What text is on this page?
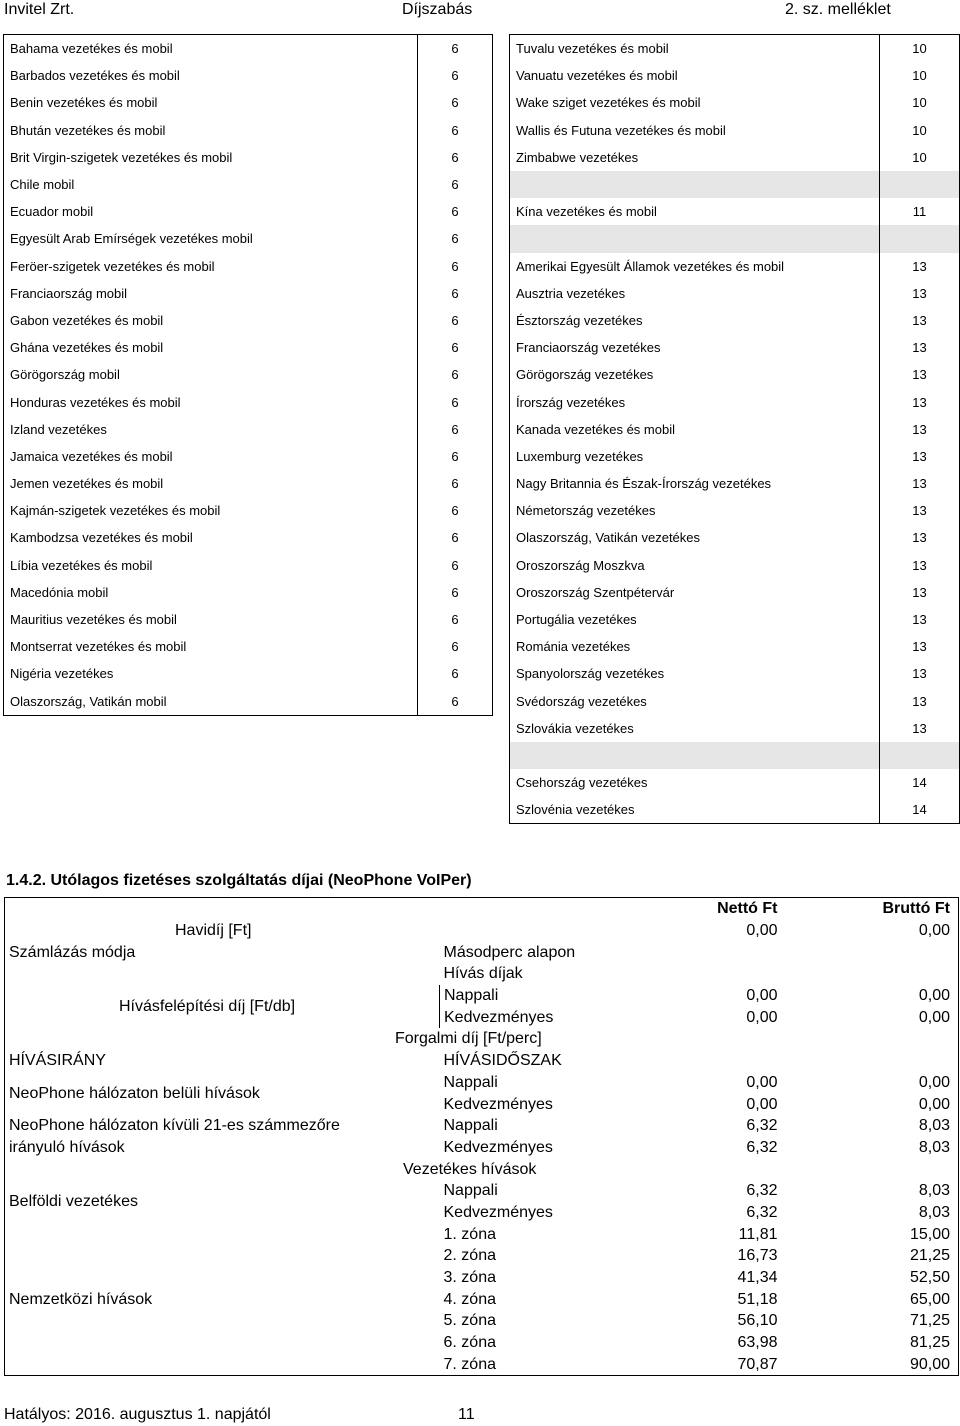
Invitel Zrt.	Díjszabás	2. sz. melléklet
Bahama vezetékes és mobil	6
Barbados vezetékes és mobil	6
Benin vezetékes és mobil	6
Bhután vezetékes és mobil	6
Brit Virgin-szigetek vezetékes és mobil	6
Chile mobil	6
Ecuador mobil	6
Egyesült Arab Emírségek vezetékes mobil	6
Feröer-szigetek vezetékes és mobil	6
Franciaország mobil	6
Gabon vezetékes és mobil	6
Ghána vezetékes és mobil	6
Görögország mobil	6
Honduras vezetékes és mobil	6
Izland vezetékes	6
Jamaica vezetékes és mobil	6
Jemen vezetékes és mobil	6
Kajmán-szigetek vezetékes és mobil	6
Kambodzsa vezetékes és mobil	6
Líbia vezetékes és mobil	6
Macedónia mobil	6
Mauritius vezetékes és mobil	6
Montserrat vezetékes és mobil	6
Nigéria vezetékes	6
Olaszország, Vatikán mobil	6
Tuvalu vezetékes és mobil	10
Vanuatu vezetékes és mobil	10
Wake sziget vezetékes és mobil	10
Wallis és Futuna vezetékes és mobil	10
Zimbabwe vezetékes	10

Kína vezetékes és mobil	11

Amerikai Egyesült Államok vezetékes és mobil	13
Ausztria vezetékes	13
Észtország vezetékes	13
Franciaország vezetékes	13
Görögország vezetékes	13
Írország vezetékes	13
Kanada vezetékes és mobil	13
Luxemburg vezetékes	13
Nagy Britannia és Észak-Írország vezetékes	13
Németország vezetékes	13
Olaszország, Vatikán vezetékes	13
Oroszország Moszkva	13
Oroszország Szentpétervár	13
Portugália vezetékes	13
Románia vezetékes	13
Spanyolország vezetékes	13
Svédország vezetékes	13
Szlovákia vezetékes	13

Csehország vezetékes	14
Szlovénia vezetékes	14
1.4.2. Utólagos fizetéses szolgáltatás díjai (NeoPhone VoIPer)
		Nettó Ft	Bruttó Ft
Havidíj [Ft]		0,00	0,00
Számlázás módja	Másodperc alapon		
	Hívás díjak		
Hívásfelépítési díj [Ft/db]	Nappali	0,00	0,00
	Kedvezményes	0,00	0,00
Forgalmi díj [Ft/perc]			
HÍVÁSIRÁNY	HÍVÁSIDŐSZAK		
NeoPhone hálózaton belüli hívások	Nappali	0,00	0,00
	Kedvezményes	0,00	0,00
NeoPhone hálózaton kívüli 21-es számmezőre	Nappali	6,32	8,03
irányuló hívások	Kedvezményes	6,32	8,03
Vezetékes hívások			
Belföldi vezetékes	Nappali	6,32	8,03
	Kedvezményes	6,32	8,03
Nemzetközi hívások	1. zóna	11,81	15,00
	2. zóna	16,73	21,25
	3. zóna	41,34	52,50
	4. zóna	51,18	65,00
	5. zóna	56,10	71,25
	6. zóna	63,98	81,25
	7. zóna	70,87	90,00
Hatályos: 2016. augusztus 1. napjától	11
